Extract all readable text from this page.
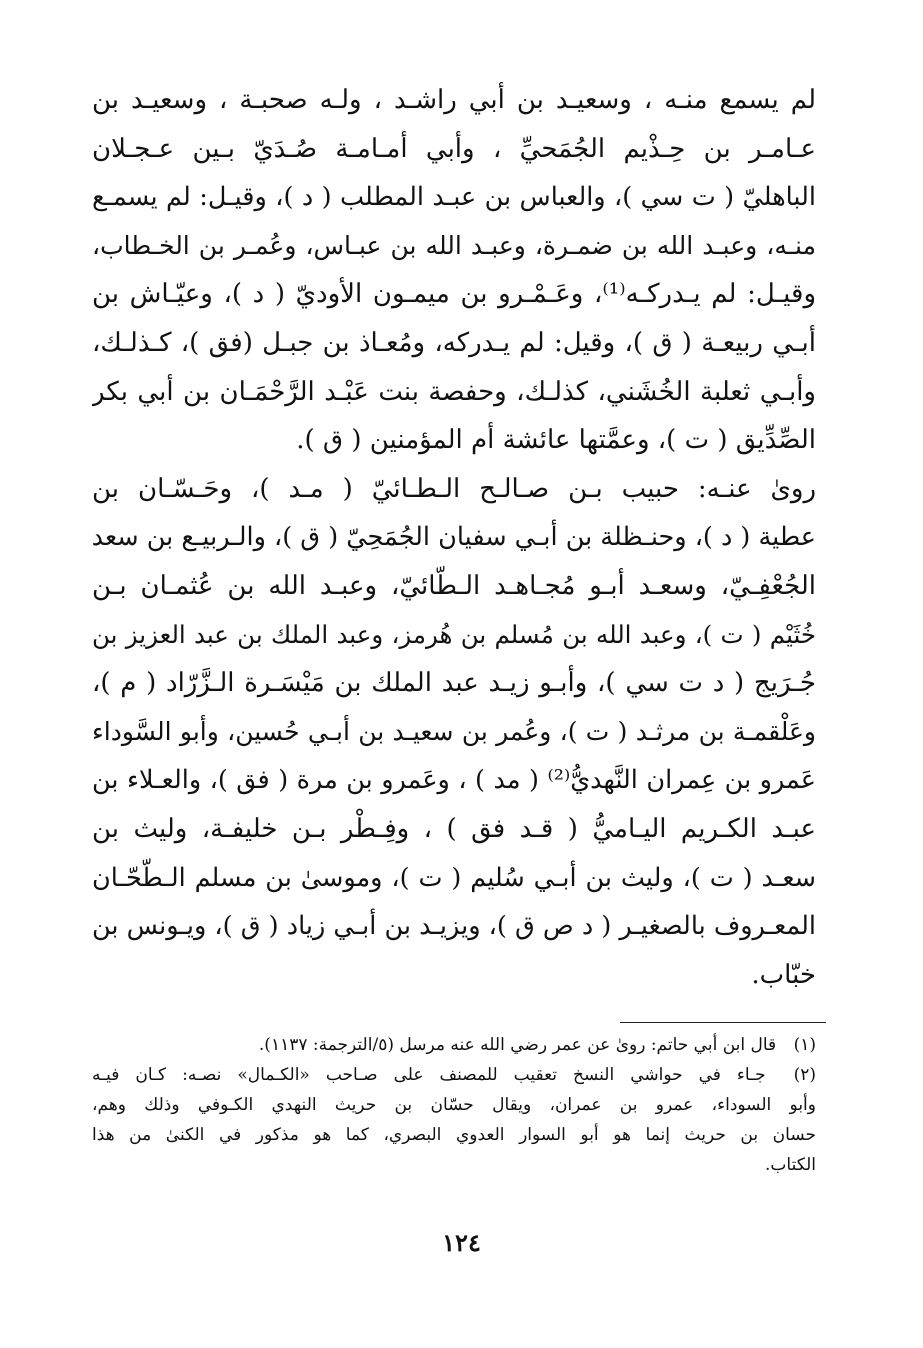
لم يسمع منـه ، وسعيـد بن أبي راشـد ، ولـه صحبـة ، وسعيـد بن
عـامـر بن حِـذْيم الجُمَحيِّ ، وأبي أمـامـة صُـدَيّ بـين عـجـلان
الباهليّ ( ت سي )، والعباس بن عبـد المطلب ( د )، وقيـل: لم يسمـع
منـه، وعبـد الله بن ضمـرة، وعبـد الله بن عبـاس، وعُمـر بن الخـطاب،
وقيـل: لم يـدركـه⁽¹⁾، وعَـمْـرو بن ميمـون الأوديّ ( د )، وعيّـاش بن
أبـي ربيعـة ( ق )، وقيل: لم يـدركه، ومُعـاذ بن جبـل (فق )، كـذلـك،
وأبـي ثعلبة الخُشَني، كذلـك، وحفصة بنت عَبْـد الرَّحْمَـان بن أبي بكر
الصِّدِّيق ( ت )، وعمَّتها عائشة أم المؤمنين ( ق ).
روىٰ عنـه: حبيب بـن صـالـح الـطـائيّ ( مـد )، وحَـسّـان بن
عطية ( د )، وحنـظلة بن أبـي سفيان الجُمَحِيّ ( ق )، والـربيـع بن سعد
الجُعْفِـيّ، وسعـد أبـو مُجـاهـد الـطّائيّ، وعبـد الله بن عُثمـان بـن
خُثَيْم ( ت )، وعبد الله بن مُسلم بن هُرمز، وعبد الملك بن عبد العزيز بن
جُـرَيج ( د ت سي )، وأبـو زيـد عبد الملك بن مَيْسَـرة الـزَّرّاد ( م )،
وعَلْقمـة بن مرثـد ( ت )، وعُمر بن سعيـد بن أبـي حُسين، وأبو السَّوداء
عَمرو بن عِمران النَّهديُّ⁽²⁾ ( مد ) ، وعَمرو بن مرة ( فق )، والعـلاء بن
عبـد الكـريم اليـاميُّ ( قـد فق ) ، وفِـطْر بـن خليفـة، وليث بن
سعـد ( ت )، وليث بن أبـي سُليم ( ت )، وموسىٰ بن مسلم الـطّحّـان
المعـروف بالصغيـر ( د ص ق )، ويزيـد بن أبـي زياد ( ق )، ويـونس بن
خبّاب.
(١) قال ابن أبي حاتم: روىٰ عن عمر رضي الله عنه مرسل (٥/الترجمة: ١١٣٧).
(٢) جـاء في حواشي النسخ تعقيب للمصنف على صـاحب «الكـمال» نصـه: كـان فيـه
وأبو السوداء، عمرو بن عمران، ويقال حسّان بن حريث النهدي الكـوفي وذلك وهم،
حسان بن حريث إنما هو أبو السوار العدوي البصري، كما هو مذكور في الكنىٰ من هذا
الكتاب.
١٢٤
